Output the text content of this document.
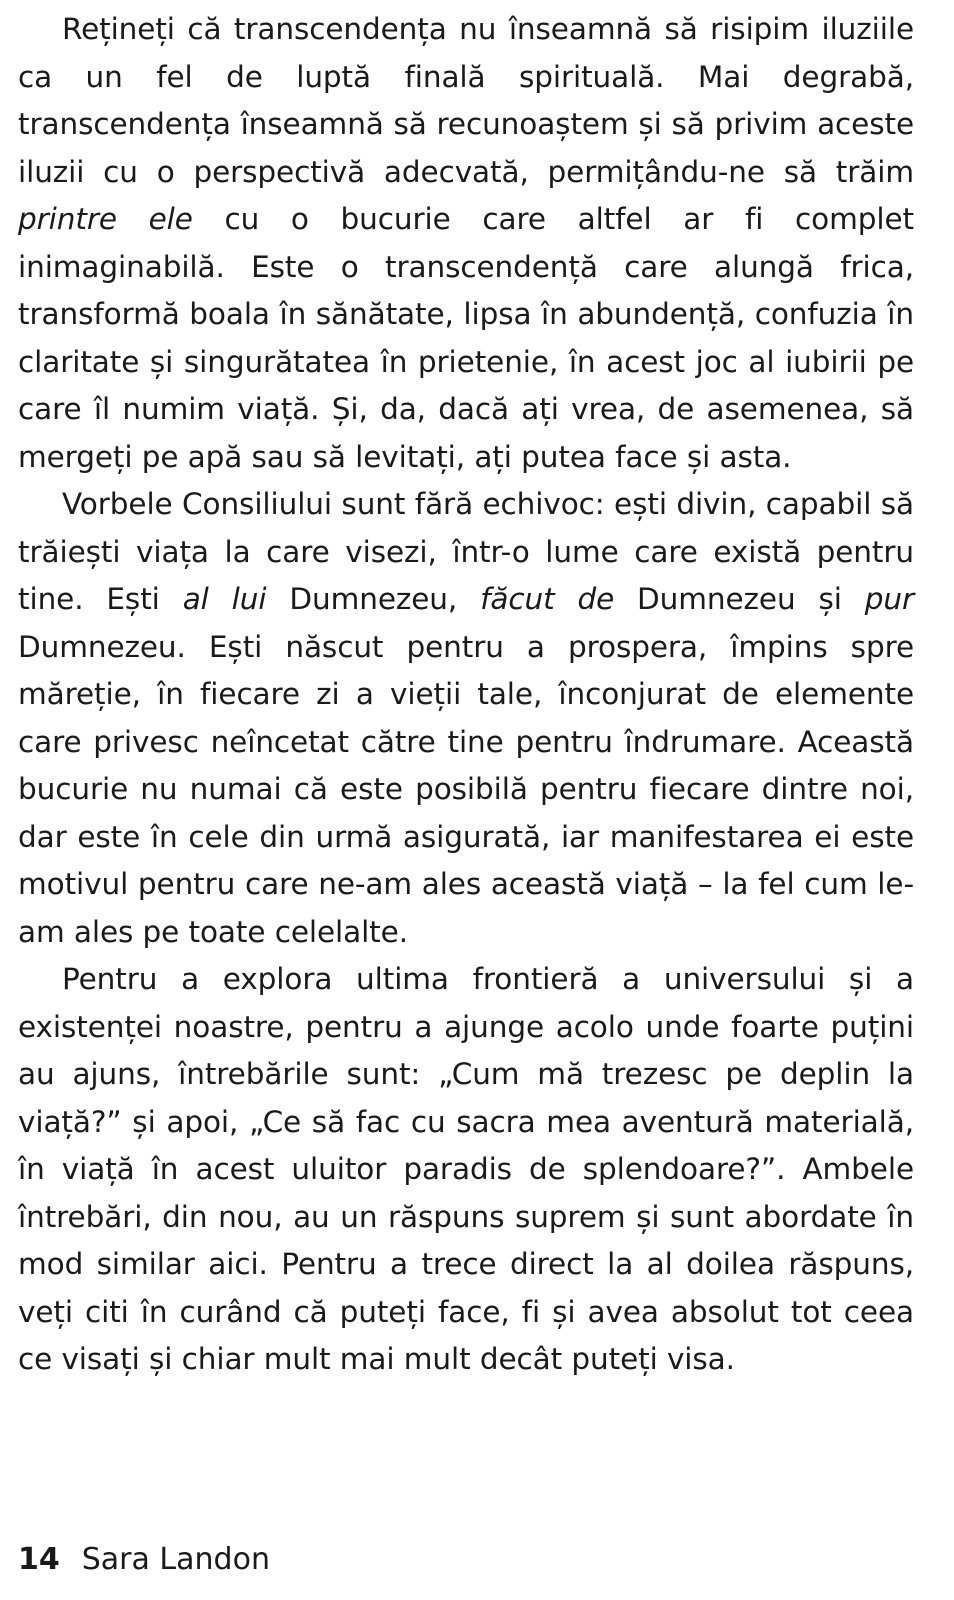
Rețineți că transcendența nu înseamnă să risipim iluziile ca un fel de luptă finală spirituală. Mai degrabă, transcendența înseamnă să recunoaștem și să privim aceste iluzii cu o perspectivă adecvată, permițându-ne să trăim printre ele cu o bucurie care altfel ar fi complet inimaginabilă. Este o transcendență care alungă frica, transformă boala în sănătate, lipsa în abundență, confuzia în claritate și singurătatea în prietenie, în acest joc al iubirii pe care îl numim viață. Și, da, dacă ați vrea, de asemenea, să mergeți pe apă sau să levitați, ați putea face și asta.

Vorbele Consiliului sunt fără echivoc: ești divin, capabil să trăiești viața la care visezi, într-o lume care există pentru tine. Ești al lui Dumnezeu, făcut de Dumnezeu și pur Dumnezeu. Ești născut pentru a prospera, împins spre măreție, în fiecare zi a vieții tale, înconjurat de elemente care privesc neîncetat către tine pentru îndrumare. Această bucurie nu numai că este posibilă pentru fiecare dintre noi, dar este în cele din urmă asigurată, iar manifestarea ei este motivul pentru care ne-am ales această viață – la fel cum le-am ales pe toate celelalte.

Pentru a explora ultima frontieră a universului și a existenței noastre, pentru a ajunge acolo unde foarte puțini au ajuns, întrebările sunt: „Cum mă trezesc pe deplin la viață?” și apoi, „Ce să fac cu sacra mea aventură materială, în viață în acest uluitor paradis de splendoare?”. Ambele întrebări, din nou, au un răspuns suprem și sunt abordate în mod similar aici. Pentru a trece direct la al doilea răspuns, veți citi în curând că puteți face, fi și avea absolut tot ceea ce visați și chiar mult mai mult decât puteți visa.

14 Sara Landon
